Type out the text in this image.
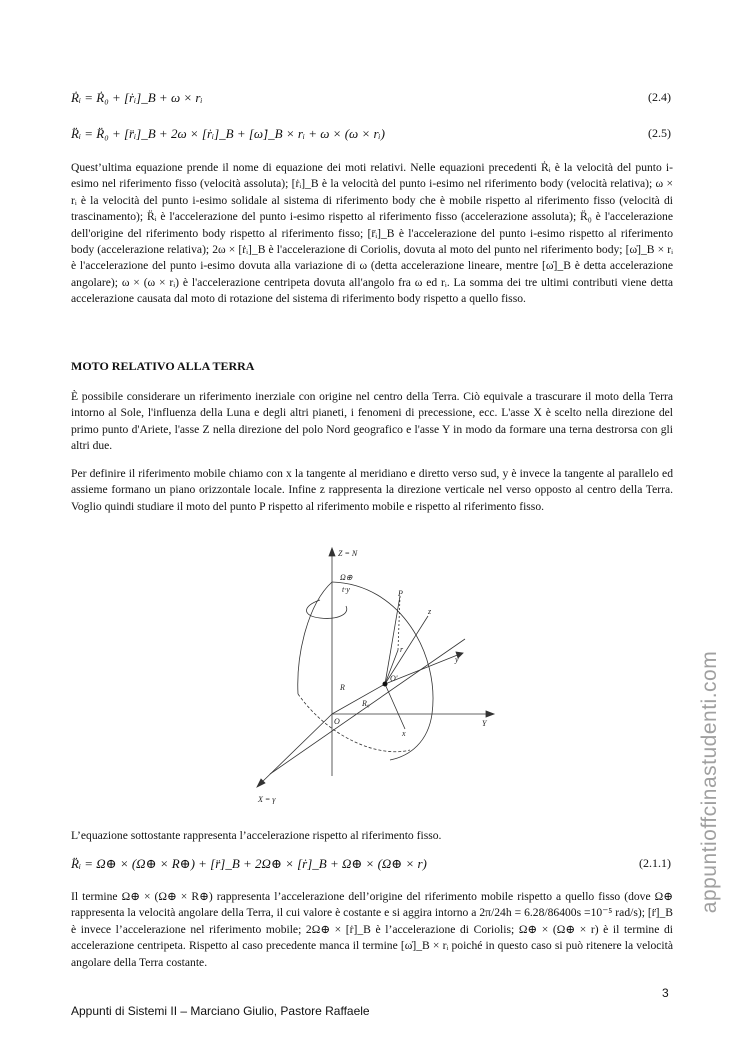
Ṙᵢ = Ṙ₀ + [ṙᵢ]_B + ω × rᵢ	(2.4)
R̈ᵢ = R̈₀ + [r̈ᵢ]_B + 2ω × [ṙᵢ]_B + [ω̇]_B × rᵢ + ω × (ω × rᵢ)	(2.5)

Quest’ultima equazione prende il nome di equazione dei moti relativi. Nelle equazioni precedenti Ṙᵢ è la velocità del punto i-esimo nel riferimento fisso (velocità assoluta); [ṙᵢ]_B è la velocità del punto i-esimo nel riferimento body (velocità relativa); ω × rᵢ è la velocità del punto i-esimo solidale al sistema di riferimento body che è mobile rispetto al riferimento fisso (velocità di trascinamento); R̈ᵢ è l'accelerazione del punto i-esimo rispetto al riferimento fisso (accelerazione assoluta); R̈₀ è l'accelerazione dell'origine del riferimento body rispetto al riferimento fisso; [r̈ᵢ]_B è l'accelerazione del punto i-esimo rispetto al riferimento body (accelerazione relativa); 2ω × [ṙᵢ]_B è l'accelerazione di Coriolis, dovuta al moto del punto nel riferimento body; [ω̇]_B × rᵢ è l'accelerazione del punto i-esimo dovuta alla variazione di ω (detta accelerazione lineare, mentre [ω̇]_B è detta accelerazione angolare); ω × (ω × rᵢ) è l'accelerazione centripeta dovuta all'angolo fra ω ed rᵢ. La somma dei tre ultimi contributi viene detta accelerazione causata dal moto di rotazione del sistema di riferimento body rispetto a quello fisso.

MOTO RELATIVO ALLA TERRA

È possibile considerare un riferimento inerziale con origine nel centro della Terra. Ciò equivale a trascurare il moto della Terra intorno al Sole, l'influenza della Luna e degli altri pianeti, i fenomeni di precessione, ecc. L'asse X è scelto nella direzione del primo punto d'Ariete, l'asse Z nella direzione del polo Nord geografico e l'asse Y in modo da formare una terna destrorsa con gli altri due.

Per definire il riferimento mobile chiamo con x la tangente al meridiano e diretto verso sud, y è invece la tangente al parallelo ed assieme formano un piano orizzontale locale. Infine z rappresenta la direzione verticale nel verso opposto al centro della Terra. Voglio quindi studiare il moto del punto P rispetto al riferimento mobile e rispetto al riferimento fisso.

Z = N
Ω⊕
t·y	P
z
y
r
R
O'
R₀
O
x
Y
X = γ

L’equazione sottostante rappresenta l’accelerazione rispetto al riferimento fisso.

R̈ᵢ = Ω⊕ × (Ω⊕ × R⊕) + [r̈]_B + 2Ω⊕ × [ṙ]_B + Ω⊕ × (Ω⊕ × r)	(2.1.1)

Il termine Ω⊕ × (Ω⊕ × R⊕) rappresenta l’accelerazione dell’origine del riferimento mobile rispetto a quello fisso (dove Ω⊕ rappresenta la velocità angolare della Terra, il cui valore è costante e si aggira intorno a 2π/24h = 6.28/86400s =10⁻⁵ rad/s); [r̈]_B è invece l’accelerazione nel riferimento mobile; 2Ω⊕ × [ṙ]_B è l’accelerazione di Coriolis; Ω⊕ × (Ω⊕ × r) è il termine di accelerazione centripeta. Rispetto al caso precedente manca il termine [ω̇]_B × rᵢ poiché in questo caso si può ritenere la velocità angolare della Terra costante.

3
Appunti di Sistemi II – Marciano Giulio, Pastore Raffaele
appuntioffcinastudenti.com
